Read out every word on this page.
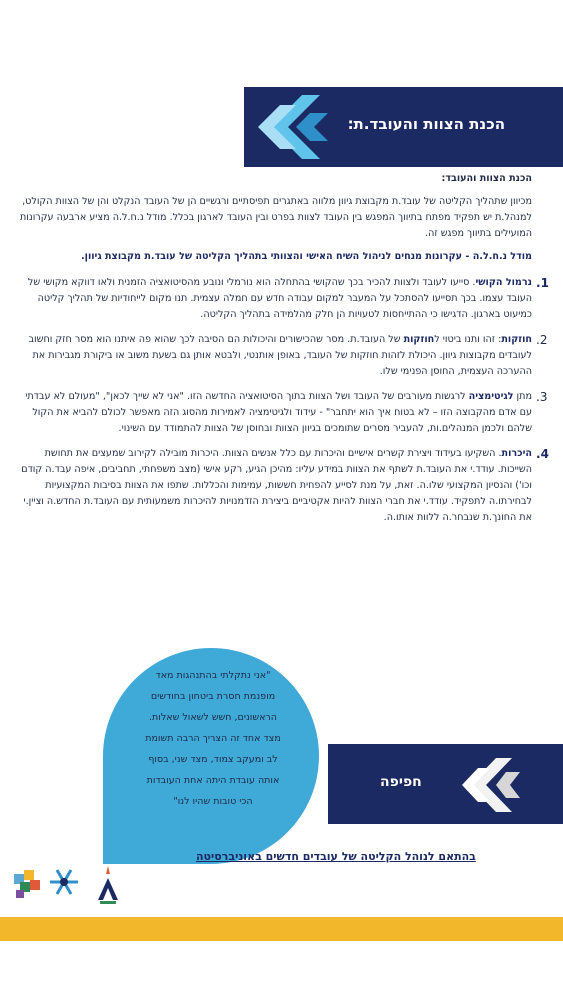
הכנת הצוות והעובד.ת:

הכנת הצוות והעובד:

מכיוון שתהליך הקליטה של עובד.ת מקבוצת גיוון מלווה באתגרים תפיסתיים ורגשיים הן של העובד הנקלט והן של הצוות הקולט, למנהל.ת יש תפקיד מפתח בתיווך המפגש בין העובד לצוות בפרט ובין העובד לארגון בכלל. מודל נ.ח.ל.ה מציע ארבעה עקרונות המועילים בתיווך מפגש זה.

מודל נ.ח.ל.ה - עקרונות מנחים לניהול השיח האישי והצוותי בתהליך הקליטה של עובד.ת מקבוצת גיוון.

1.
נרמול הקושי. סייעו לעובד ולצוות להכיר בכך שהקושי בהתחלה הוא נורמלי ונובע מהסיטואציה הזמנית ולאו דווקא מקושי של העובד עצמו. בכך תסייעו להסתכל על המעבר למקום עבודה חדש עם חמלה עצמית. תנו מקום לייחודיות של תהליך קליטה כמיעוט בארגון. הדגישו כי ההתייחסות לטעויות הן חלק מהלמידה בתהליך הקליטה.
2.
חוזקות: זהו ותנו ביטוי לחוזקות של העובד.ת. מסר שהכישורים והיכולות הם הסיבה לכך שהוא פה איתנו הוא מסר חזק וחשוב לעובדים מקבוצות גיוון. היכולת לזהות חוזקות של העובד, באופן אותנטי, ולבטא אותן גם בשעת משוב או ביקורת מגבירות את ההערכה העצמית, החוסן הפנימי שלו.
3.
מתן לגיטימציה לרגשות מעורבים של העובד ושל הצוות בתוך הסיטואציה החדשה הזו. "אני לא שייך לכאן", "מעולם לא עבדתי עם אדם מהקבוצה הזו – לא בטוח איך הוא יתחבר" - עידוד ולגיטימציה לאמירות מהסוג הזה מאפשר לכולם להביא את הקול שלהם ולכמן המנהלים.ות, להעביר מסרים שתומכים בגיוון הצוות ובחוסן של הצוות להתמודד עם השינוי.
4.
היכרות. השקיעו בעידוד ויצירת קשרים אישיים והיכרות עם כלל אנשים הצוות. היכרות מובילה לקירוב שמעצים את תחושת השייכות. עודד.י את העובד.ת לשתף את הצוות במידע עליו: מהיכן הגיע, רקע אישי (מצב משפחתי, תחביבים, איפה עבד.ה קודם וכו') והנסיון המקצועי שלו.ה. זאת, על מנת לסייע להפחית חששות, עמימות והכללות. שתפו את הצוות בסיבות המקצועיות לבחירתו.ה לתפקיד. עודד.י את חברי הצוות להיות אקטיביים ביצירת הזדמנויות להיכרות משמעותית עם העובד.ת החדש.ה וציין.י את החונך.ת שנבחר.ה ללוות אותו.ה.
"אני נתקלתי בהתנהגות מאד
מופנמת חסרת ביטחון בחודשים
הראשונים, חשש לשאול שאלות.
מצד אחד זה הצריך הרבה תשומת
לב ומעקב צמוד, מצד שני, בסוף
אותה עובדת היתה אחת העובדות
הכי טובות שהיו לנו"
חפיפה
בהתאם לנוהל הקליטה של עובדים חדשים באוניברסיטה
